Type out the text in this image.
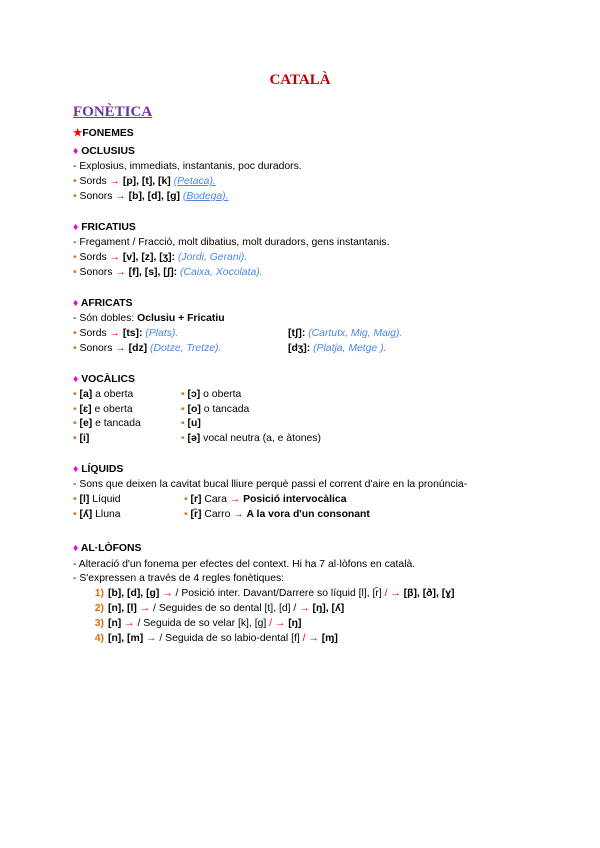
CATALÀ
FONÈTICA
★FONEMES
♦ OCLUSIUS
- Explosius, immediats, instantanis, poc duradors.
• Sords → [p], [t], [k] (Petaca).
• Sonors → [b], [d], [g] (Bodega).
♦ FRICATIUS
- Fregament / Fracció, molt dibatius, molt duradors, gens instantanis.
• Sords → [v], [z], [ʒ]: (Jordi, Gerani).
• Sonors → [f], [s], [ʃ]: (Caixa, Xocolata).
♦ AFRICATS
- Són dobles: Oclusiu + Fricatiu
• Sords → [ts]: (Plats).	[tʃ]: (Cartutx, Mig, Maig).
• Sonors → [dz] (Dotze, Tretze).	[dʒ]: (Platja, Metge ).
♦ VOCÀLICS
• [a] a oberta
• [ɛ] e oberta
• [e] e tancada
• [i]
• [ɔ] o oberta
• [o] o tancada
• [u]
• [ə] vocal neutra (a, e àtones)
♦ LÍQUIDS
- Sons que deixen la cavitat bucal lliure perquè passi el corrent d'aire en la pronúncia-
• [l] Líquid
• [ʎ] Lluna
• [r] Cara → Posició intervocàlica
• [r̄] Carro → A la vora d'un consonant
♦ AL·LÒFONS
- Alteració d'un fonema per efectes del context. Hi ha 7 al·lòfons en català.
- S'expressen a través de 4 regles fonètiques:
1) [b], [d], [g] → / Posició inter. Davant/Darrere so líquid [l], [r̄] / → [β], [ð], [ɣ]
2) [n], [l] → / Seguides de so dental [t], [d] / → [ŋ], [ʎ]
3) [n] → / Seguida de so velar [k], [g] / → [ŋ]
4) [n], [m] → / Seguida de so labio-dental [f] / → [ɱ]
